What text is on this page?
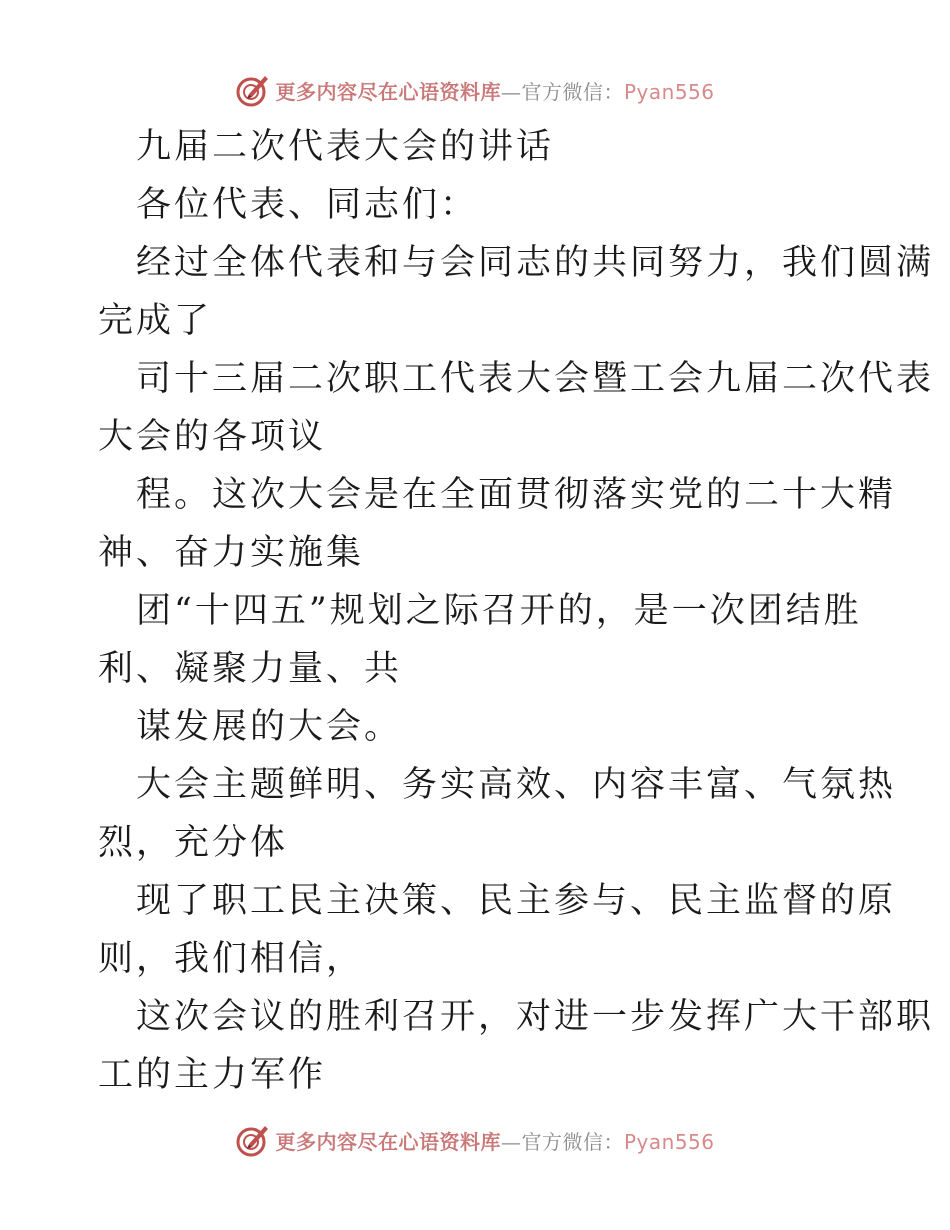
更多内容尽在心语资料库—官方微信：Pyan556
九届二次代表大会的讲话
各位代表、同志们：
经过全体代表和与会同志的共同努力，我们圆满
完成了
司十三届二次职工代表大会暨工会九届二次代表
大会的各项议
程。这次大会是在全面贯彻落实党的二十大精
神、奋力实施集
团“十四五”规划之际召开的，是一次团结胜
利、凝聚力量、共
谋发展的大会。
大会主题鲜明、务实高效、内容丰富、气氛热
烈，充分体
现了职工民主决策、民主参与、民主监督的原
则，我们相信，
这次会议的胜利召开，对进一步发挥广大干部职
工的主力军作
更多内容尽在心语资料库—官方微信：Pyan556
